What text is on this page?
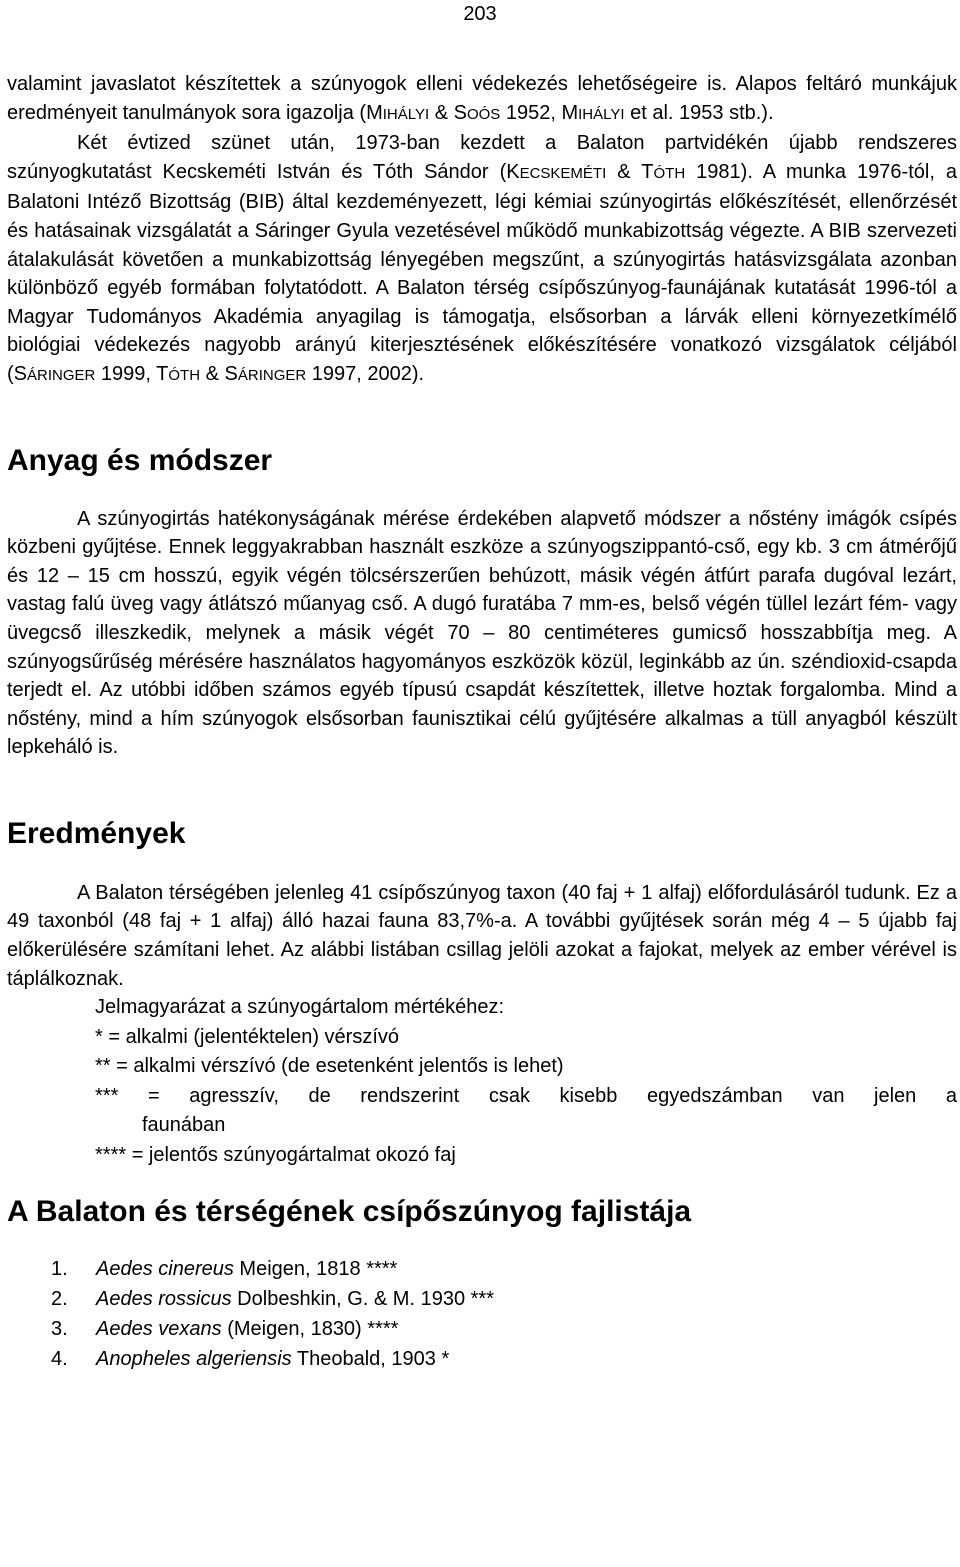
203

valamint javaslatot készítettek a szúnyogok elleni védekezés lehetőségeire is. Alapos feltáró munkájuk eredményeit tanulmányok sora igazolja (MIHÁLYI & SOÓS 1952, MIHÁLYI et al. 1953 stb.).

Két évtized szünet után, 1973-ban kezdett a Balaton partvidékén újabb rendszeres szúnyogkutatást Kecskeméti István és Tóth Sándor (KECSKEMÉTI & TÓTH 1981). A munka 1976-tól, a Balatoni Intéző Bizottság (BIB) által kezdeményezett, légi kémiai szúnyogirtás előkészítését, ellenőrzését és hatásainak vizsgálatát a Sáringer Gyula vezetésével működő munkabizottság végezte. A BIB szervezeti átalakulását követően a munkabizottság lényegében megszűnt, a szúnyogirtás hatásvizsgálata azonban különböző egyéb formában folytatódott. A Balaton térség csípőszúnyog-faunájának kutatását 1996-tól a Magyar Tudományos Akadémia anyagilag is támogatja, elsősorban a lárvák elleni környezetkímélő biológiai védekezés nagyobb arányú kiterjesztésének előkészítésére vonatkozó vizsgálatok céljából (SÁRINGER 1999, TÓTH & SÁRINGER 1997, 2002).

Anyag és módszer

A szúnyogirtás hatékonyságának mérése érdekében alapvető módszer a nőstény imágók csípés közbeni gyűjtése. Ennek leggyakrabban használt eszköze a szúnyogszippantó-cső, egy kb. 3 cm átmérőjű és 12 – 15 cm hosszú, egyik végén tölcsérszerűen behúzott, másik végén átfúrt parafa dugóval lezárt, vastag falú üveg vagy átlátszó műanyag cső. A dugó furatába 7 mm-es, belső végén tüllel lezárt fém- vagy üvegcső illeszkedik, melynek a másik végét 70 – 80 centiméteres gumicső hosszabbítja meg. A szúnyogsűrűség mérésére használatos hagyományos eszközök közül, leginkább az ún. széndioxid-csapda terjedt el. Az utóbbi időben számos egyéb típusú csapdát készítettek, illetve hoztak forgalomba. Mind a nőstény, mind a hím szúnyogok elsősorban faunisztikai célú gyűjtésére alkalmas a tüll anyagból készült lepkeháló is.

Eredmények

A Balaton térségében jelenleg 41 csípőszúnyog taxon (40 faj + 1 alfaj) előfordulásáról tudunk. Ez a 49 taxonból (48 faj + 1 alfaj) álló hazai fauna 83,7%-a. A további gyűjtések során még 4 – 5 újabb faj előkerülésére számítani lehet. Az alábbi listában csillag jelöli azokat a fajokat, melyek az ember vérével is táplálkoznak.

Jelmagyarázat a szúnyogártalom mértékéhez:
* = alkalmi (jelentéktelen) vérszívó
** = alkalmi vérszívó (de esetenként jelentős is lehet)
*** = agresszív, de rendszerint csak kisebb egyedszámban van jelen a
faunában
**** = jelentős szúnyogártalmat okozó faj
A Balaton és térségének csípőszúnyog fajlistája
1. Aedes cinereus Meigen, 1818 ****
2. Aedes rossicus Dolbeshkin, G. & M. 1930 ***
3. Aedes vexans (Meigen, 1830) ****
4. Anopheles algeriensis Theobald, 1903 *
